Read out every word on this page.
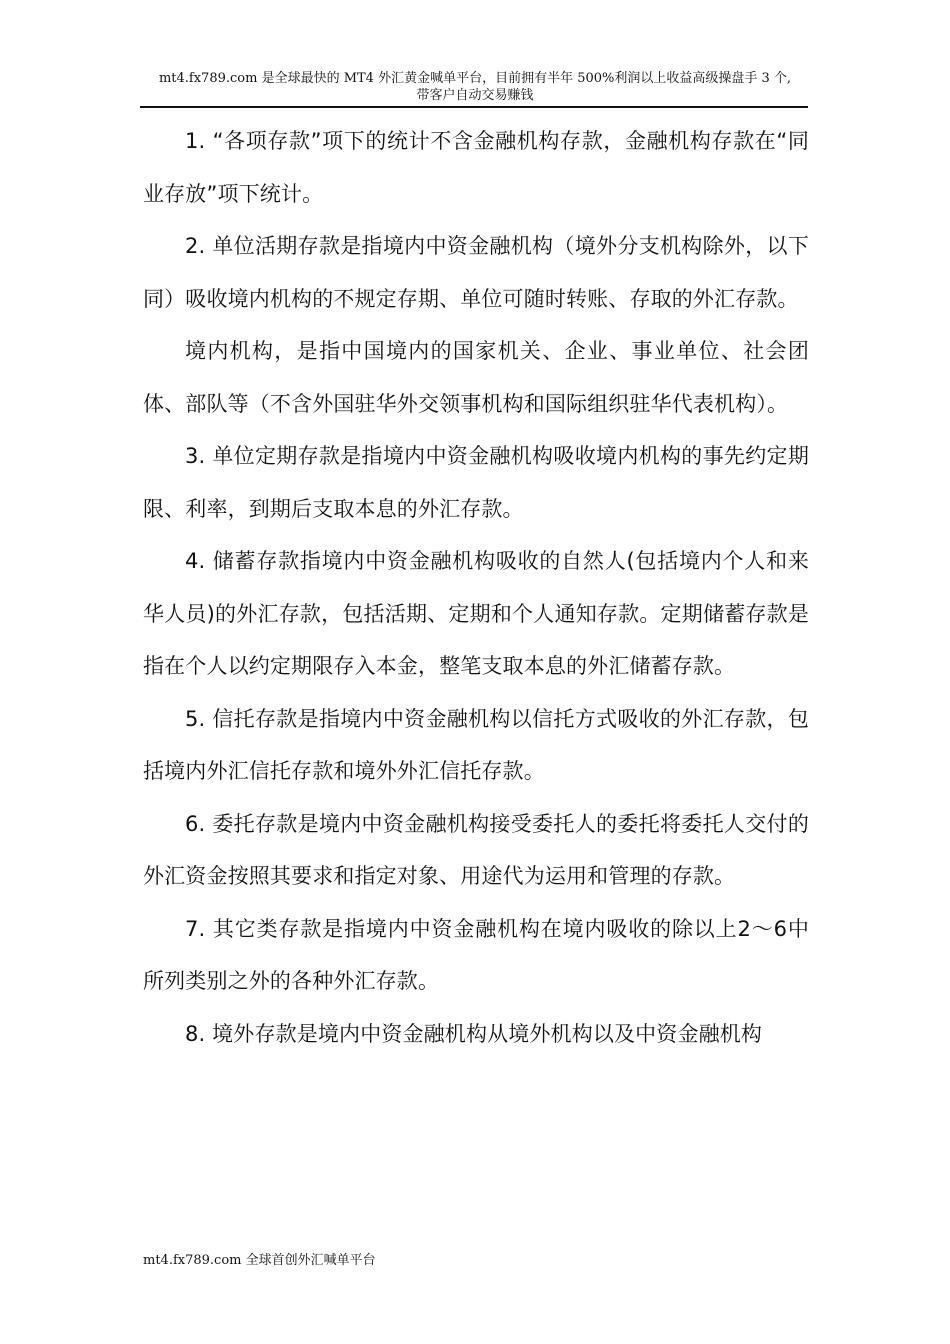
mt4.fx789.com 是全球最快的 MT4 外汇黄金喊单平台，目前拥有半年 500%利润以上收益高级操盘手 3 个,
带客户自动交易赚钱

1. “各项存款”项下的统计不含金融机构存款，金融机构存款在“同业存放”项下统计。

2. 单位活期存款是指境内中资金融机构（境外分支机构除外，以下同）吸收境内机构的不规定存期、单位可随时转账、存取的外汇存款。

境内机构，是指中国境内的国家机关、企业、事业单位、社会团体、部队等（不含外国驻华外交领事机构和国际组织驻华代表机构）。

3. 单位定期存款是指境内中资金融机构吸收境内机构的事先约定期限、利率，到期后支取本息的外汇存款。

4. 储蓄存款指境内中资金融机构吸收的自然人(包括境内个人和来华人员)的外汇存款，包括活期、定期和个人通知存款。定期储蓄存款是指在个人以约定期限存入本金，整笔支取本息的外汇储蓄存款。

5. 信托存款是指境内中资金融机构以信托方式吸收的外汇存款，包括境内外汇信托存款和境外外汇信托存款。

6. 委托存款是境内中资金融机构接受委托人的委托将委托人交付的外汇资金按照其要求和指定对象、用途代为运用和管理的存款。

7. 其它类存款是指境内中资金融机构在境内吸收的除以上2～6中所列类别之外的各种外汇存款。

8. 境外存款是境内中资金融机构从境外机构以及中资金融机构

mt4.fx789.com 全球首创外汇喊单平台
